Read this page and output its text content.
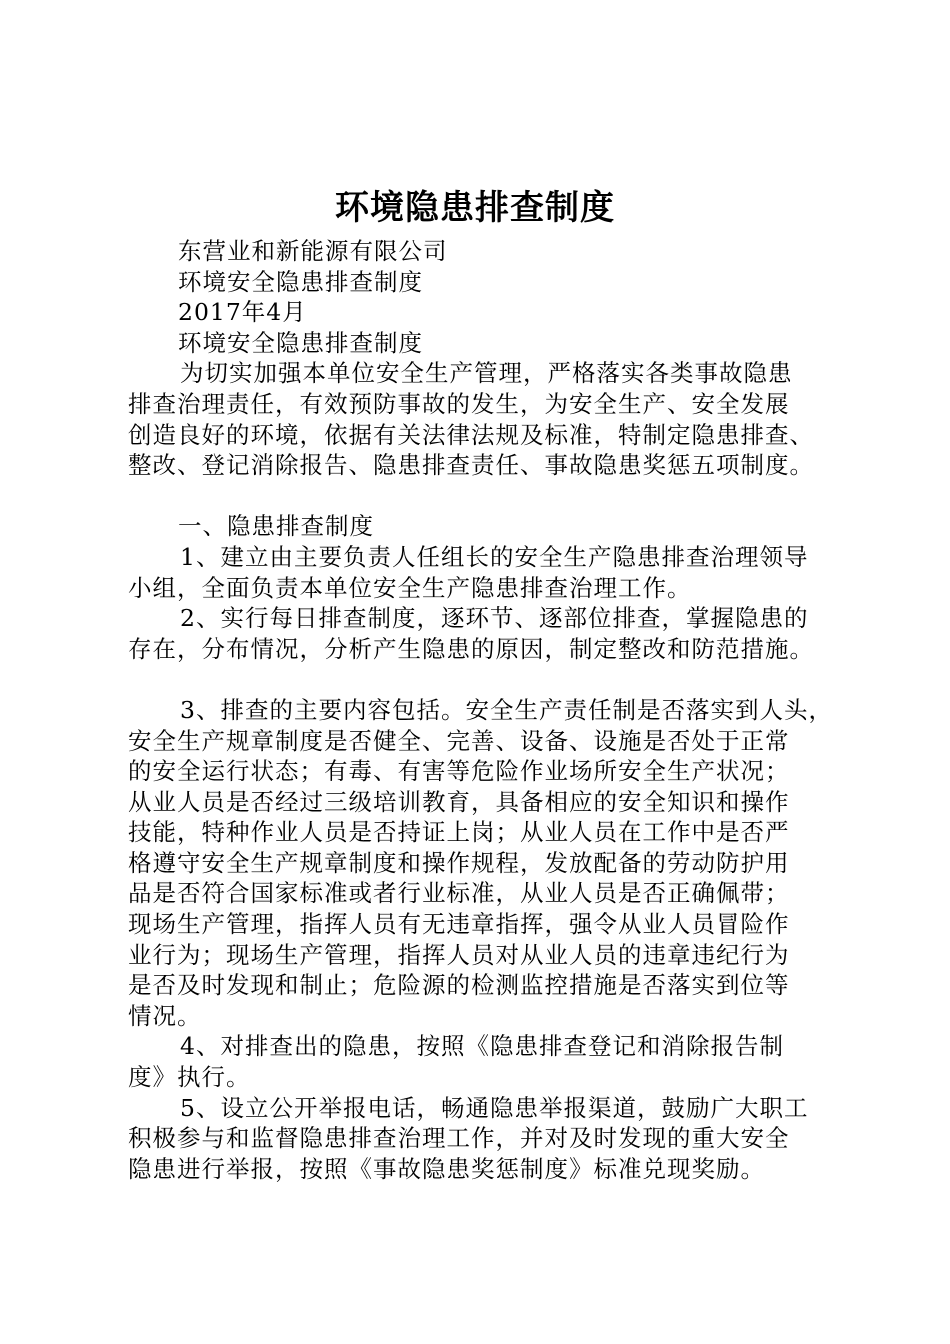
环境隐患排查制度
东营业和新能源有限公司
环境安全隐患排查制度
2017年4月
环境安全隐患排查制度
为切实加强本单位安全生产管理，严格落实各类事故隐患
排查治理责任，有效预防事故的发生，为安全生产、安全发展
创造良好的环境，依据有关法律法规及标准，特制定隐患排查、
整改、登记消除报告、隐患排查责任、事故隐患奖惩五项制度。
一、隐患排查制度
1、建立由主要负责人任组长的安全生产隐患排查治理领导
小组，全面负责本单位安全生产隐患排查治理工作。
2、实行每日排查制度，逐环节、逐部位排查，掌握隐患的
存在，分布情况，分析产生隐患的原因，制定整改和防范措施。
3、排查的主要内容包括。安全生产责任制是否落实到人头，
安全生产规章制度是否健全、完善、设备、设施是否处于正常
的安全运行状态；有毒、有害等危险作业场所安全生产状况；
从业人员是否经过三级培训教育，具备相应的安全知识和操作
技能，特种作业人员是否持证上岗；从业人员在工作中是否严
格遵守安全生产规章制度和操作规程，发放配备的劳动防护用
品是否符合国家标准或者行业标准，从业人员是否正确佩带；
现场生产管理，指挥人员有无违章指挥，强令从业人员冒险作
业行为；现场生产管理，指挥人员对从业人员的违章违纪行为
是否及时发现和制止；危险源的检测监控措施是否落实到位等
情况。
4、对排查出的隐患，按照《隐患排查登记和消除报告制
度》执行。
5、设立公开举报电话，畅通隐患举报渠道，鼓励广大职工
积极参与和监督隐患排查治理工作，并对及时发现的重大安全
隐患进行举报，按照《事故隐患奖惩制度》标准兑现奖励。
